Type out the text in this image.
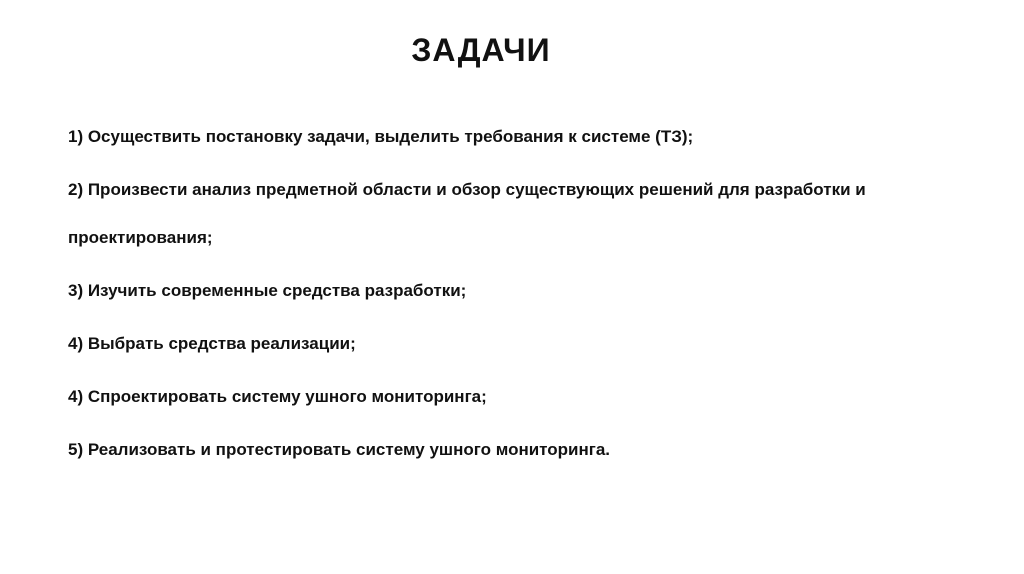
ЗАДАЧИ
1) Осуществить постановку задачи, выделить требования к системе (ТЗ);
2) Произвести анализ предметной области и обзор существующих решений для разработки и проектирования;
3) Изучить современные средства разработки;
4) Выбрать средства реализации;
4) Спроектировать систему ушного мониторинга;
5) Реализовать и протестировать систему ушного мониторинга.
